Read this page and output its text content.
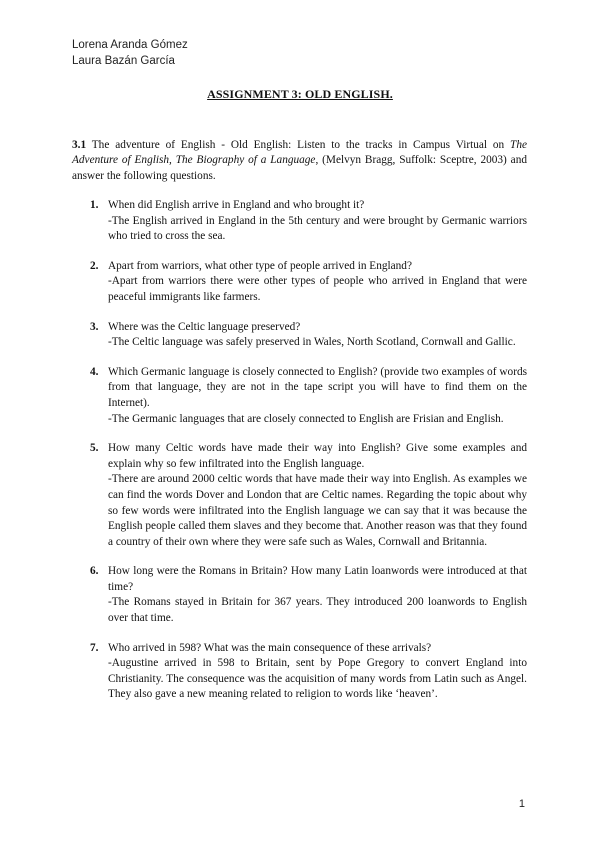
Lorena Aranda Gómez
Laura Bazán García
ASSIGNMENT 3: OLD ENGLISH.
3.1 The adventure of English - Old English: Listen to the tracks in Campus Virtual on The Adventure of English, The Biography of a Language, (Melvyn Bragg, Suffolk: Sceptre, 2003) and answer the following questions.
1. When did English arrive in England and who brought it?

-The English arrived in England in the 5th century and were brought by Germanic warriors who tried to cross the sea.

2. Apart from warriors, what other type of people arrived in England?

-Apart from warriors there were other types of people who arrived in England that were peaceful immigrants like farmers.

3. Where was the Celtic language preserved?

-The Celtic language was safely preserved in Wales, North Scotland, Cornwall and Gallic.

4. Which Germanic language is closely connected to English? (provide two examples of words from that language, they are not in the tape script you will have to find them on the Internet).

-The Germanic languages that are closely connected to English are Frisian and English.

5. How many Celtic words have made their way into English? Give some examples and explain why so few infiltrated into the English language.

-There are around 2000 celtic words that have made their way into English. As examples we can find the words Dover and London that are Celtic names. Regarding the topic about why so few words were infiltrated into the English language we can say that it was because the English people called them slaves and they become that. Another reason was that they found a country of their own where they were safe such as Wales, Cornwall and Britannia.

6. How long were the Romans in Britain? How many Latin loanwords were introduced at that time?

-The Romans stayed in Britain for 367 years. They introduced 200 loanwords to English over that time.

7. Who arrived in 598? What was the main consequence of these arrivals?

-Augustine arrived in 598 to Britain, sent by Pope Gregory to convert England into Christianity. The consequence was the acquisition of many words from Latin such as Angel. They also gave a new meaning related to religion to words like ‘heaven’.

1
